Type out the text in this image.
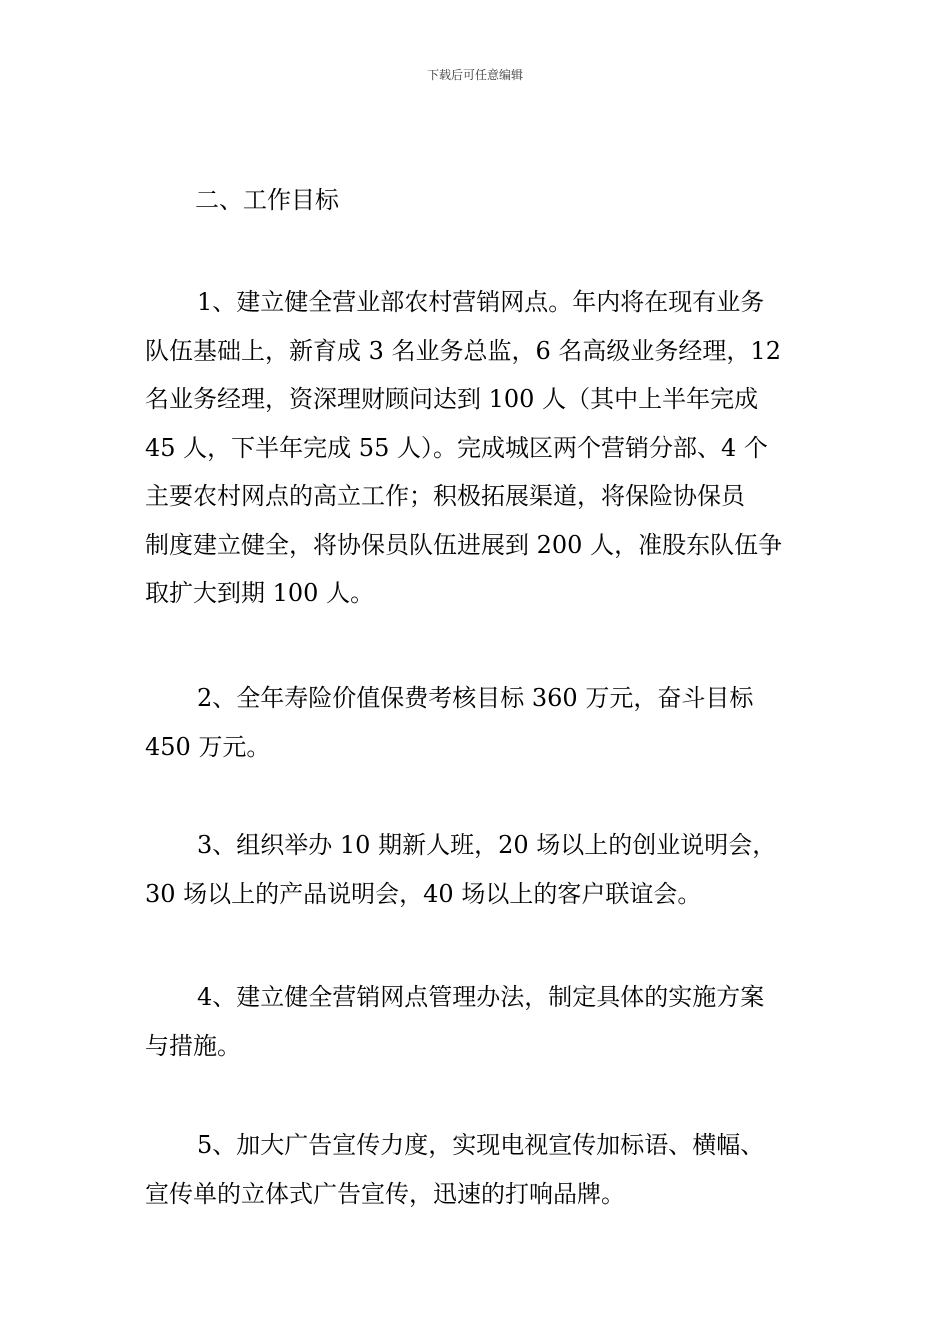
下载后可任意编辑
二、工作目标
1、建立健全营业部农村营销网点。年内将在现有业务
队伍基础上，新育成 3 名业务总监，6 名高级业务经理，12
名业务经理，资深理财顾问达到 100 人（其中上半年完成
45 人，下半年完成 55 人）。完成城区两个营销分部、4 个
主要农村网点的高立工作；积极拓展渠道，将保险协保员
制度建立健全，将协保员队伍进展到 200 人，准股东队伍争
取扩大到期 100 人。
2、全年寿险价值保费考核目标 360 万元，奋斗目标
450 万元。
3、组织举办 10 期新人班，20 场以上的创业说明会，
30 场以上的产品说明会，40 场以上的客户联谊会。
4、建立健全营销网点管理办法，制定具体的实施方案
与措施。
5、加大广告宣传力度，实现电视宣传加标语、横幅、
宣传单的立体式广告宣传，迅速的打响品牌。
